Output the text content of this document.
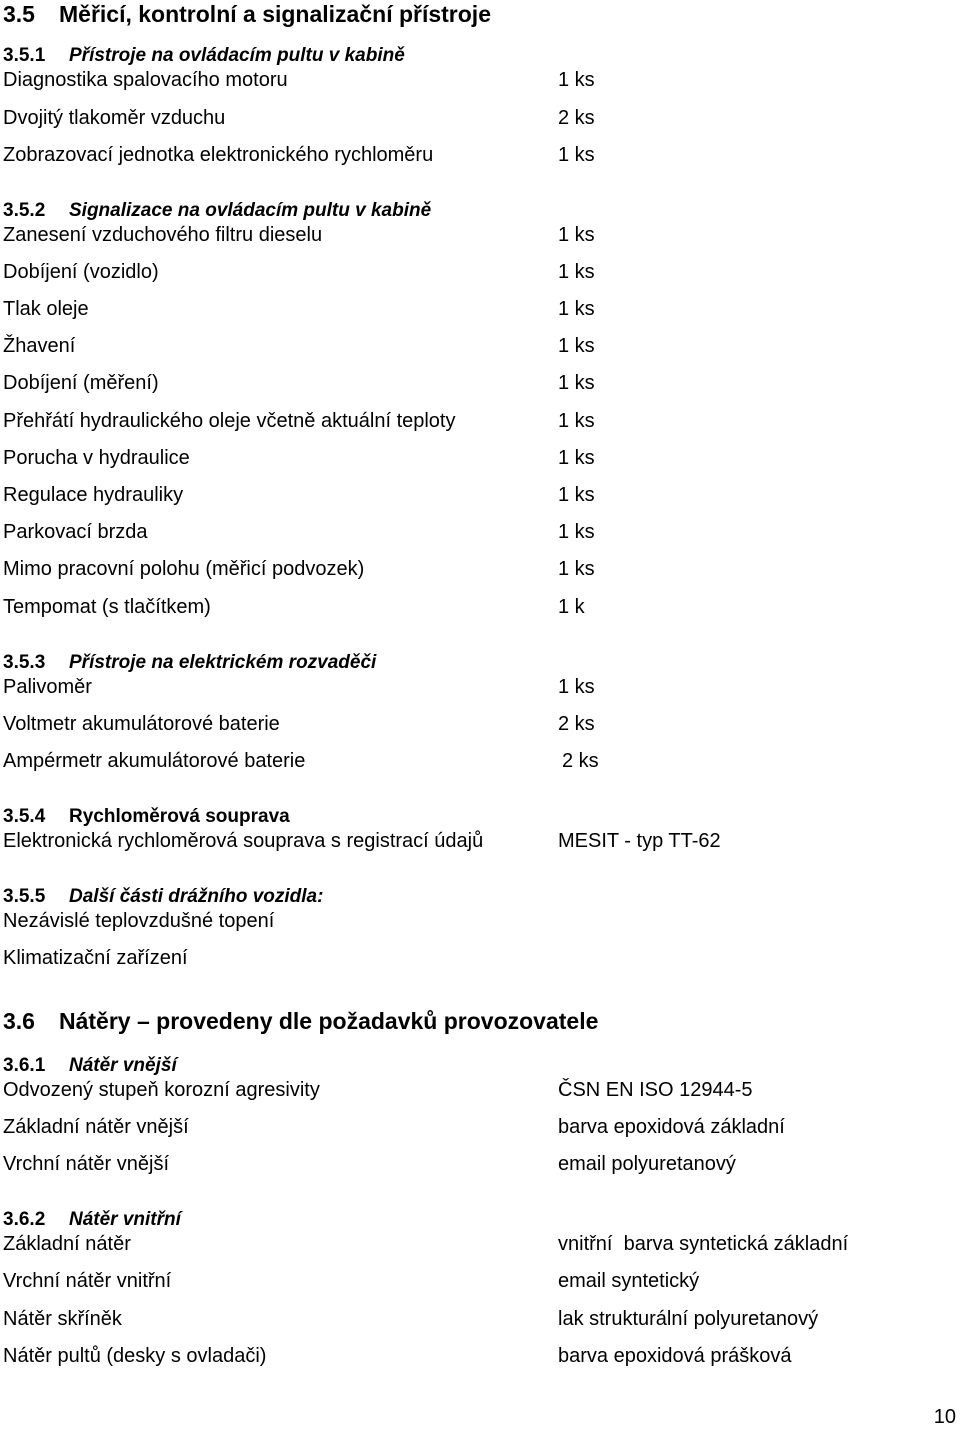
3.5 Měřicí, kontrolní a signalizační přístroje
3.5.1 Přístroje na ovládacím pultu v kabině
Diagnostika spalovacího motoru	1 ks
Dvojitý tlakoměr vzduchu	2 ks
Zobrazovací jednotka elektronického rychloměru	1 ks
3.5.2 Signalizace na ovládacím pultu v kabině
Zanesení vzduchového filtru dieselu	1 ks
Dobíjení (vozidlo)	1 ks
Tlak oleje	1 ks
Žhavení	1 ks
Dobíjení (měření)	1 ks
Přehřátí hydraulického oleje včetně aktuální teploty	1 ks
Porucha v hydraulice	1 ks
Regulace hydrauliky	1 ks
Parkovací brzda	1 ks
Mimo pracovní polohu (měřicí podvozek)	1 ks
Tempomat (s tlačítkem)	1 k
3.5.3 Přístroje na elektrickém rozvaděči
Palivoměr	1 ks
Voltmetr akumulátorové baterie	2 ks
Ampérmetr akumulátorové baterie	2 ks
3.5.4 Rychloměrová souprava
Elektronická rychloměrová souprava s registrací údajů	MESIT - typ TT-62
3.5.5 Další části drážního vozidla:
Nezávislé teplovzdušné topení
Klimatizační zařízení
3.6 Nátěry – provedeny dle požadavků provozovatele
3.6.1 Nátěr vnější
Odvozený stupeň korozní agresivity	ČSN EN ISO 12944-5
Základní nátěr vnější	barva epoxidová základní
Vrchní nátěr vnější	email polyuretanový
3.6.2 Nátěr vnitřní
Základní nátěr	vnitřní  barva syntetická základní
Vrchní nátěr vnitřní	email syntetický
Nátěr skříněk	lak strukturální polyuretanový
Nátěr pultů (desky s ovladači)	barva epoxidová prášková
10
